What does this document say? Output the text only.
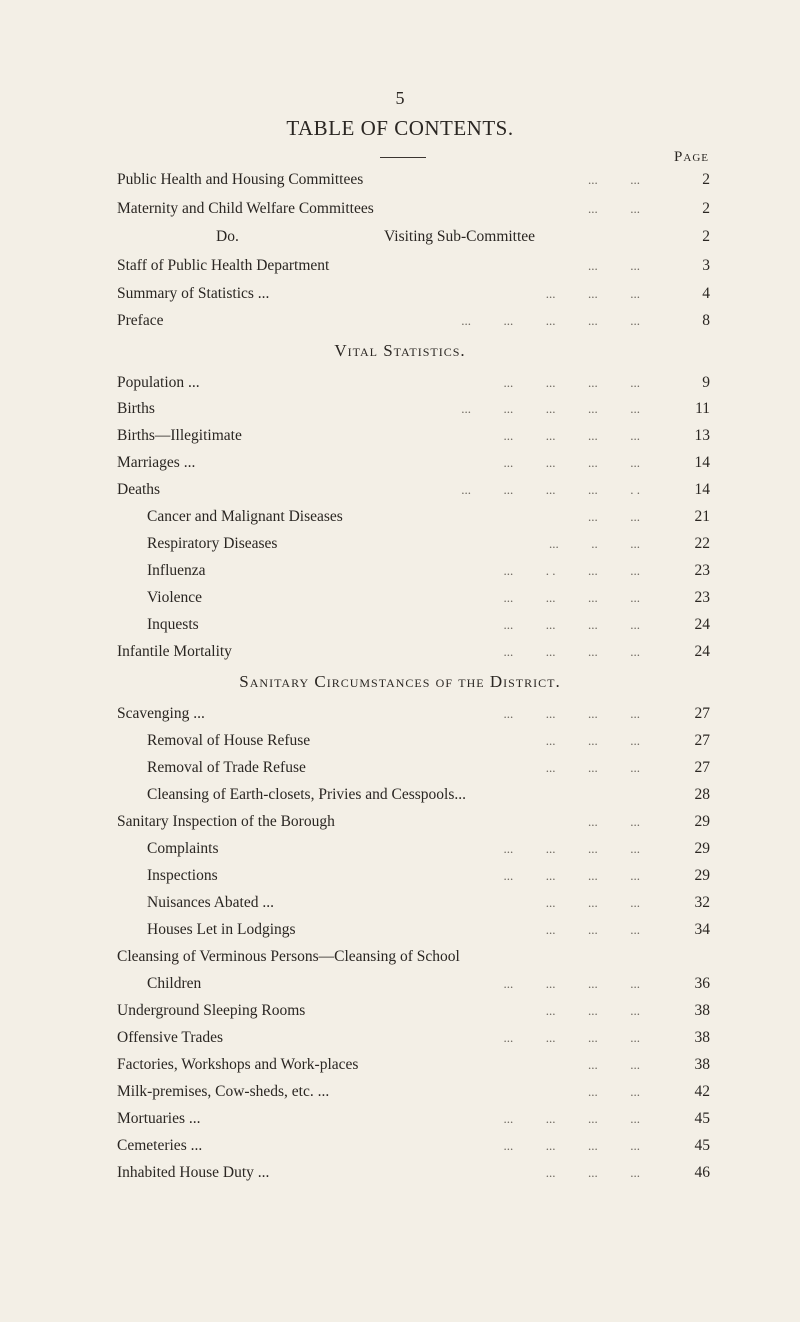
5
TABLE OF CONTENTS.
Page
Public Health and Housing Committees	...          ...	2
Maternity and Child Welfare Committees	...          ...	2
Do.	Visiting Sub-Committee	2
Staff of Public Health Department	...          ...	3
Summary of Statistics ...	...          ...          ...	4
Preface	...          ...          ...          ...          ...	8
Vital Statistics.
Population ...	...          ...          ...          ...	9
Births	...          ...          ...          ...          ...	11
Births—Illegitimate	...          ...          ...          ...	13
Marriages ...	...          ...          ...          ...	14
Deaths	...          ...          ...          ...          . .	14
Cancer and Malignant Diseases	...          ...	21
Respiratory Diseases	...          ..          ...	22
Influenza	...          . .          ...          ...	23
Violence	...          ...          ...          ...	23
Inquests	...          ...          ...          ...	24
Infantile Mortality	...          ...          ...          ...	24
Sanitary Circumstances of the District.
Scavenging ...	...          ...          ...          ...	27
Removal of House Refuse	...          ...          ...	27
Removal of Trade Refuse	...          ...          ...	27
Cleansing of Earth-closets, Privies and Cesspools...	28
Sanitary Inspection of the Borough	...          ...	29
Complaints	...          ...          ...          ...	29
Inspections	...          ...          ...          ...	29
Nuisances Abated ...	...          ...          ...	32
Houses Let in Lodgings	...          ...          ...	34
Cleansing of Verminous Persons—Cleansing of School
Children	...          ...          ...          ...	36
Underground Sleeping Rooms	...          ...          ...	38
Offensive Trades	...          ...          ...          ...	38
Factories, Workshops and Work-places	...          ...	38
Milk-premises, Cow-sheds, etc. ...	...          ...	42
Mortuaries ...	...          ...          ...          ...	45
Cemeteries ...	...          ...          ...          ...	45
Inhabited House Duty ...	...          ...          ...	46
